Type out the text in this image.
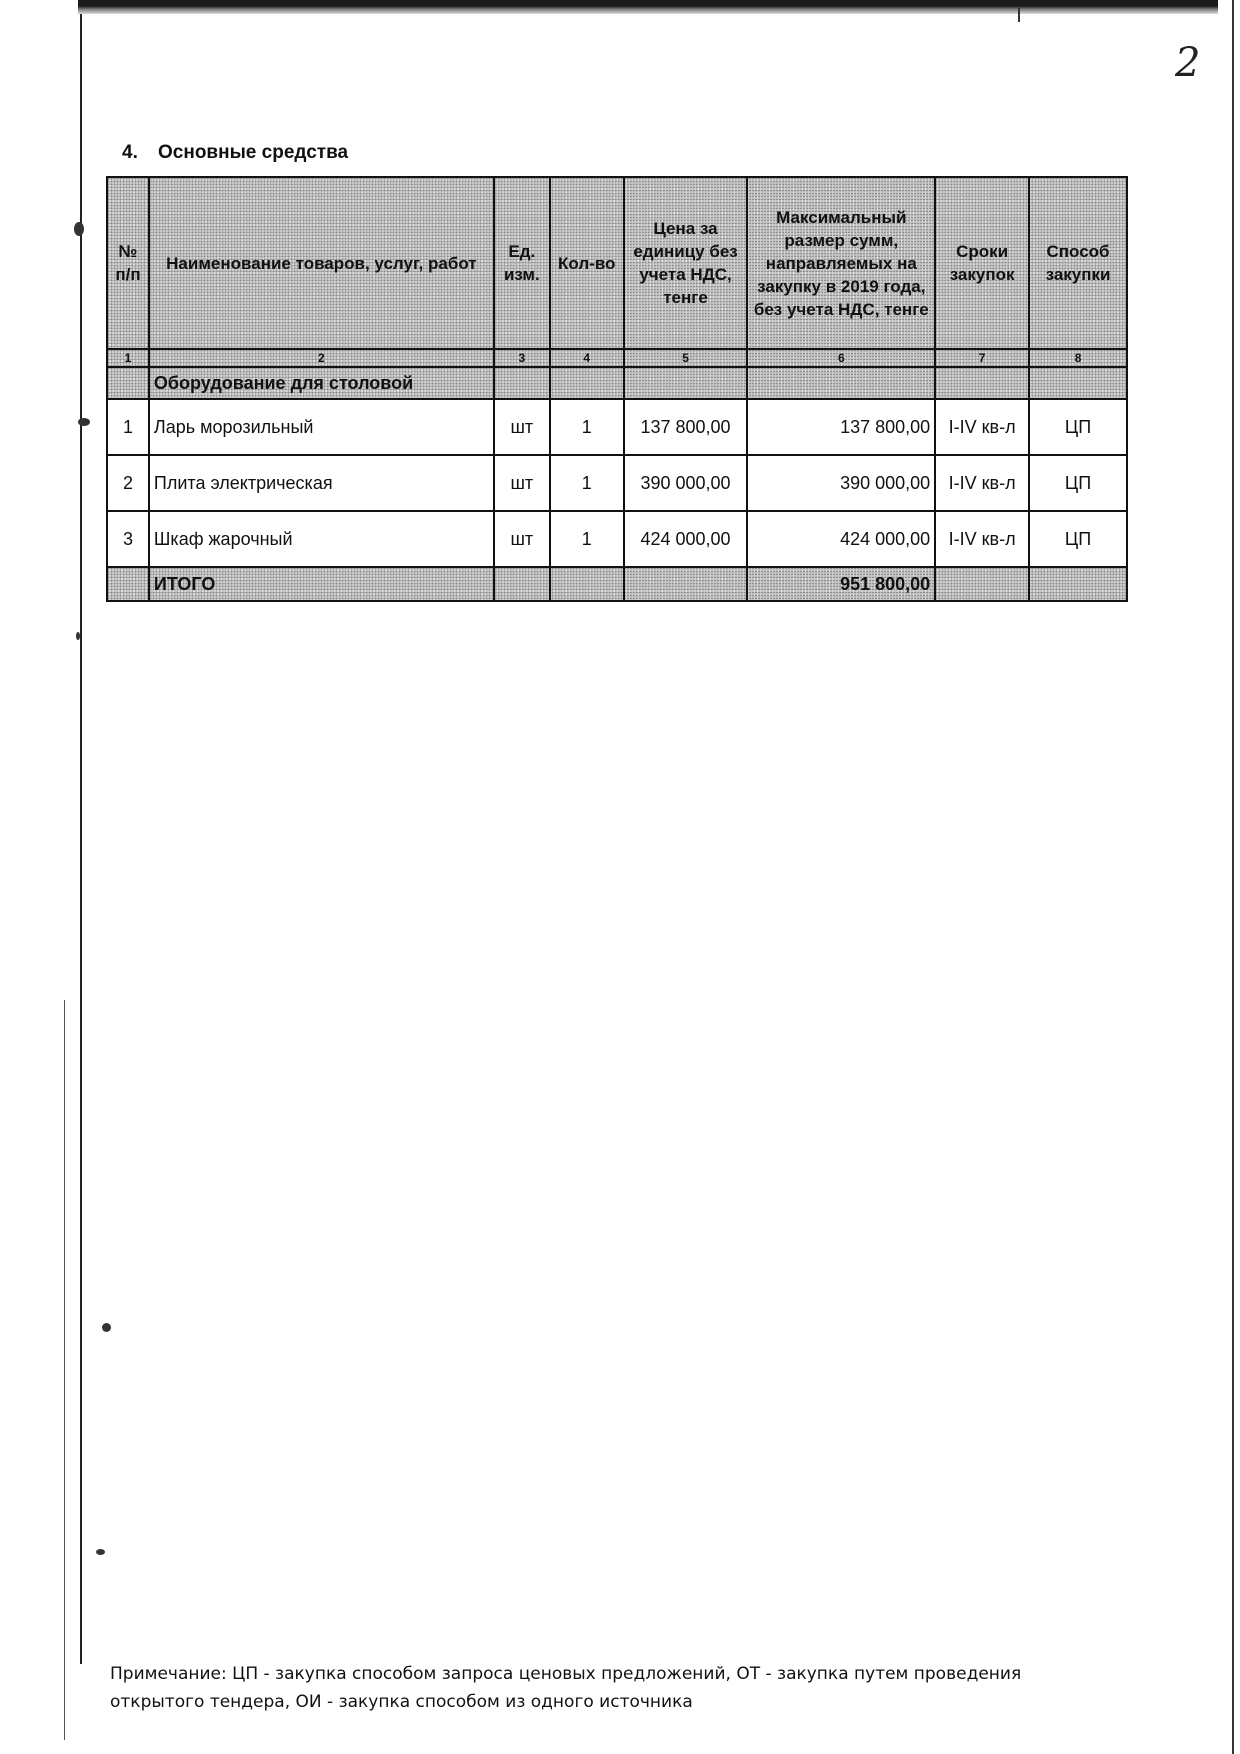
2
4. Основные средства
№ п/п	Наименование товаров, услуг, работ	Ед. изм.	Кол-во	Цена за единицу без учета НДС, тенге	Максимальный размер сумм, направляемых на закупку в 2019 года, без учета НДС, тенге	Сроки закупок	Способ закупки
1	2	3	4	5	6	7	8
	Оборудование для столовой						
1	Ларь морозильный	шт	1	137 800,00	137 800,00	I-IV кв-л	ЦП
2	Плита электрическая	шт	1	390 000,00	390 000,00	I-IV кв-л	ЦП
3	Шкаф жарочный	шт	1	424 000,00	424 000,00	I-IV кв-л	ЦП
	ИТОГО				951 800,00		
Примечание: ЦП - закупка способом запроса ценовых предложений, ОТ - закупка путем проведения
открытого тендера, ОИ - закупка способом из одного источника
